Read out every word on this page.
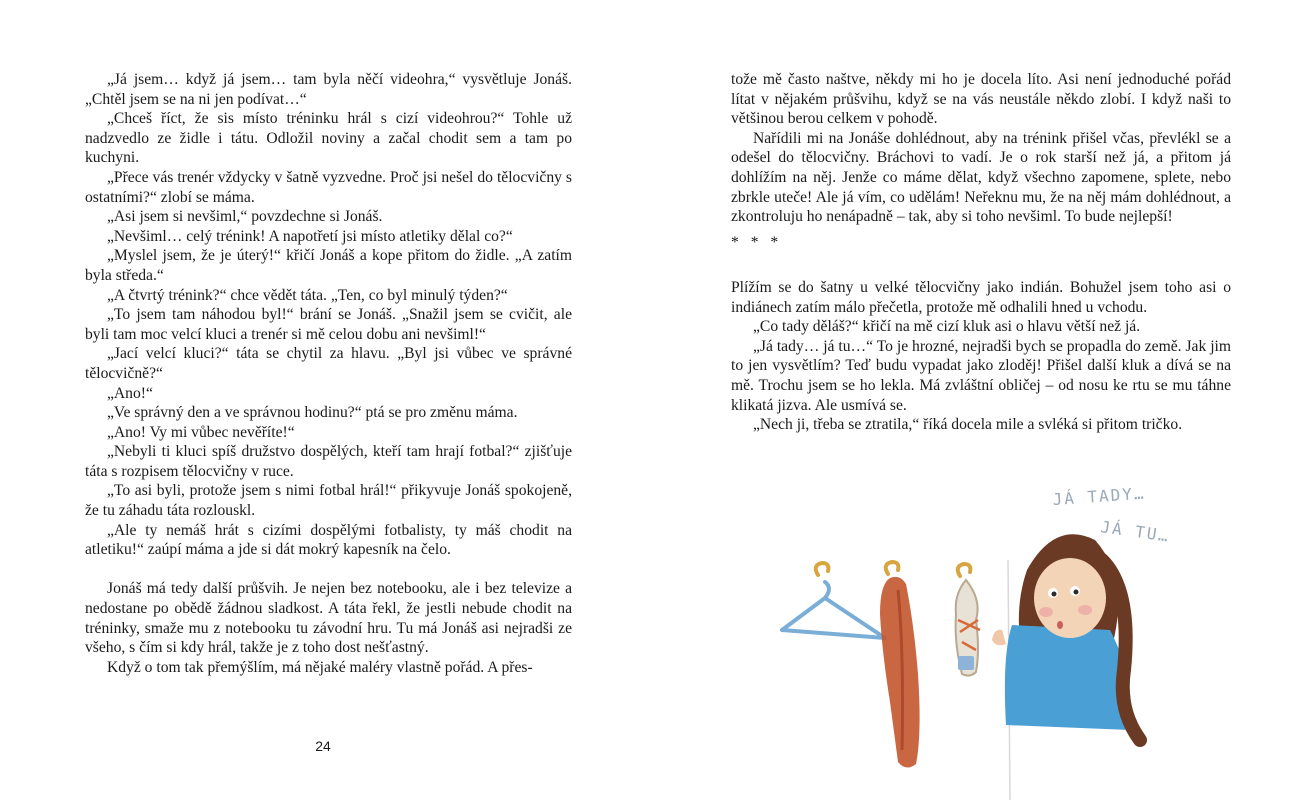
„Já jsem… když já jsem… tam byla něčí videohra,“ vysvětluje Jonáš. „Chtěl jsem se na ni jen podívat…“

„Chceš říct, že sis místo tréninku hrál s cizí videohrou?“ Tohle už nadzvedlo ze židle i tátu. Odložil noviny a začal chodit sem a tam po kuchyni.

„Přece vás trenér vždycky v šatně vyzvedne. Proč jsi nešel do tělocvičny s ostatními?“ zlobí se máma.

„Asi jsem si nevšiml,“ povzdechne si Jonáš.

„Nevšiml… celý trénink! A napotřetí jsi místo atletiky dělal co?“

„Myslel jsem, že je úterý!“ křičí Jonáš a kope přitom do židle. „A zatím byla středa.“

„A čtvrtý trénink?“ chce vědět táta. „Ten, co byl minulý týden?“

„To jsem tam náhodou byl!“ brání se Jonáš. „Snažil jsem se cvičit, ale byli tam moc velcí kluci a trenér si mě celou dobu ani nevšiml!“

„Jací velcí kluci?“ táta se chytil za hlavu. „Byl jsi vůbec ve správné tělocvičně?“

„Ano!“

„Ve správný den a ve správnou hodinu?“ ptá se pro změnu máma.

„Ano! Vy mi vůbec nevěříte!“

„Nebyli ti kluci spíš družstvo dospělých, kteří tam hrají fotbal?“ zjišťuje táta s rozpisem tělocvičny v ruce.

„To asi byli, protože jsem s nimi fotbal hrál!“ přikyvuje Jonáš spokojeně, že tu záhadu táta rozlouskl.

„Ale ty nemáš hrát s cizími dospělými fotbalisty, ty máš chodit na atletiku!“ zaúpí máma a jde si dát mokrý kapesník na čelo.

Jonáš má tedy další průšvih. Je nejen bez notebooku, ale i bez televize a nedostane po obědě žádnou sladkost. A táta řekl, že jestli nebude chodit na tréninky, smaže mu z notebooku tu závodní hru. Tu má Jonáš asi nejradši ze všeho, s čím si kdy hrál, takže je z toho dost nešťastný.

Když o tom tak přemýšlím, má nějaké maléry vlastně pořád. A přes-

24

tože mě často naštve, někdy mi ho je docela líto. Asi není jednoduché pořád lítat v nějakém průšvihu, když se na vás neustále někdo zlobí. I když naši to většinou berou celkem v pohodě.

Nařídili mi na Jonáše dohlédnout, aby na trénink přišel včas, převlékl se a odešel do tělocvičny. Bráchovi to vadí. Je o rok starší než já, a přitom já dohlížím na něj. Jenže co máme dělat, když všechno zapomene, splete, nebo zbrkle uteče! Ale já vím, co udělám! Neřeknu mu, že na něj mám dohlédnout, a zkontroluju ho nenápadně – tak, aby si toho nevšiml. To bude nejlepší!

* * *

Plížím se do šatny u velké tělocvičny jako indián. Bohužel jsem toho asi o indiánech zatím málo přečetla, protože mě odhalili hned u vchodu.

„Co tady děláš?“ křičí na mě cizí kluk asi o hlavu větší než já.

„Já tady… já tu…“ To je hrozné, nejradši bych se propadla do země. Jak jim to jen vysvětlím? Teď budu vypadat jako zloděj! Přišel další kluk a dívá se na mě. Trochu jsem se ho lekla. Má zvláštní obličej – od nosu ke rtu se mu táhne klikatá jizva. Ale usmívá se.

„Nech ji, třeba se ztratila,“ říká docela mile a svléká si přitom tričko.

JÁ TADY…
JÁ TU…
